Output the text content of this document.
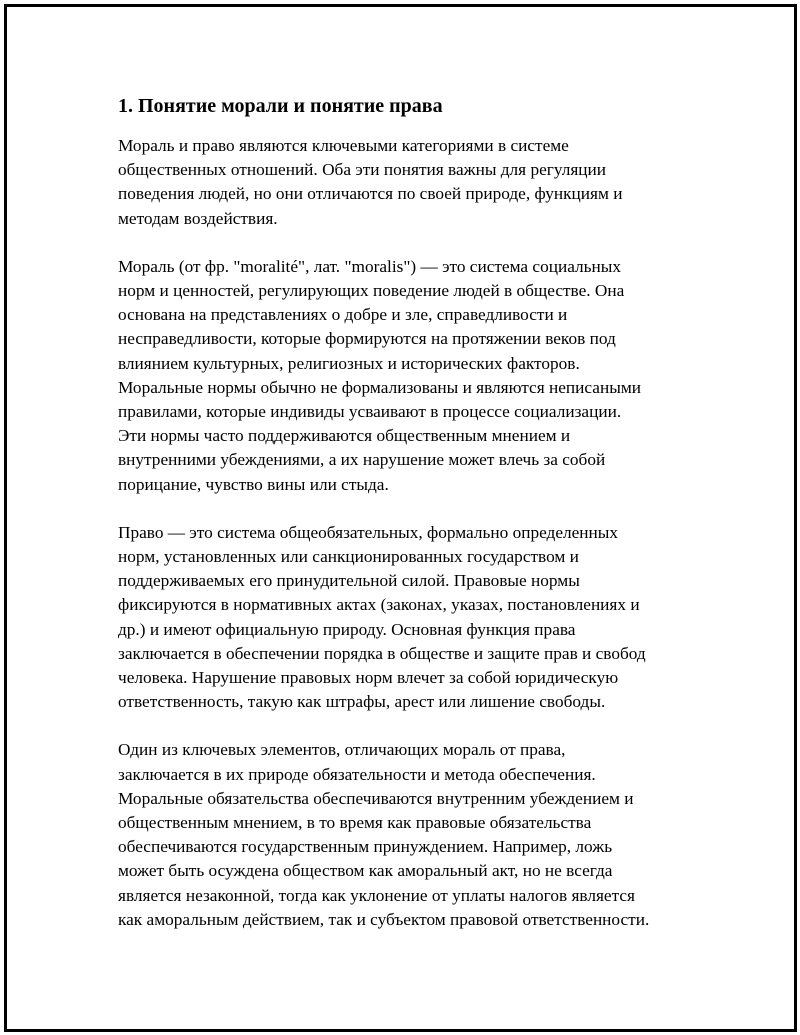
1. Понятие морали и понятие права
Мораль и право являются ключевыми категориями в системе
общественных отношений. Оба эти понятия важны для регуляции
поведения людей, но они отличаются по своей природе, функциям и
методам воздействия.
Мораль (от фр. "moralité", лат. "moralis") — это система социальных
норм и ценностей, регулирующих поведение людей в обществе. Она
основана на представлениях о добре и зле, справедливости и
несправедливости, которые формируются на протяжении веков под
влиянием культурных, религиозных и исторических факторов.
Моральные нормы обычно не формализованы и являются неписаными
правилами, которые индивиды усваивают в процессе социализации.
Эти нормы часто поддерживаются общественным мнением и
внутренними убеждениями, а их нарушение может влечь за собой
порицание, чувство вины или стыда.
Право — это система общеобязательных, формально определенных
норм, установленных или санкционированных государством и
поддерживаемых его принудительной силой. Правовые нормы
фиксируются в нормативных актах (законах, указах, постановлениях и
др.) и имеют официальную природу. Основная функция права
заключается в обеспечении порядка в обществе и защите прав и свобод
человека. Нарушение правовых норм влечет за собой юридическую
ответственность, такую как штрафы, арест или лишение свободы.
Один из ключевых элементов, отличающих мораль от права,
заключается в их природе обязательности и метода обеспечения.
Моральные обязательства обеспечиваются внутренним убеждением и
общественным мнением, в то время как правовые обязательства
обеспечиваются государственным принуждением. Например, ложь
может быть осуждена обществом как аморальный акт, но не всегда
является незаконной, тогда как уклонение от уплаты налогов является
как аморальным действием, так и субъектом правовой ответственности.
